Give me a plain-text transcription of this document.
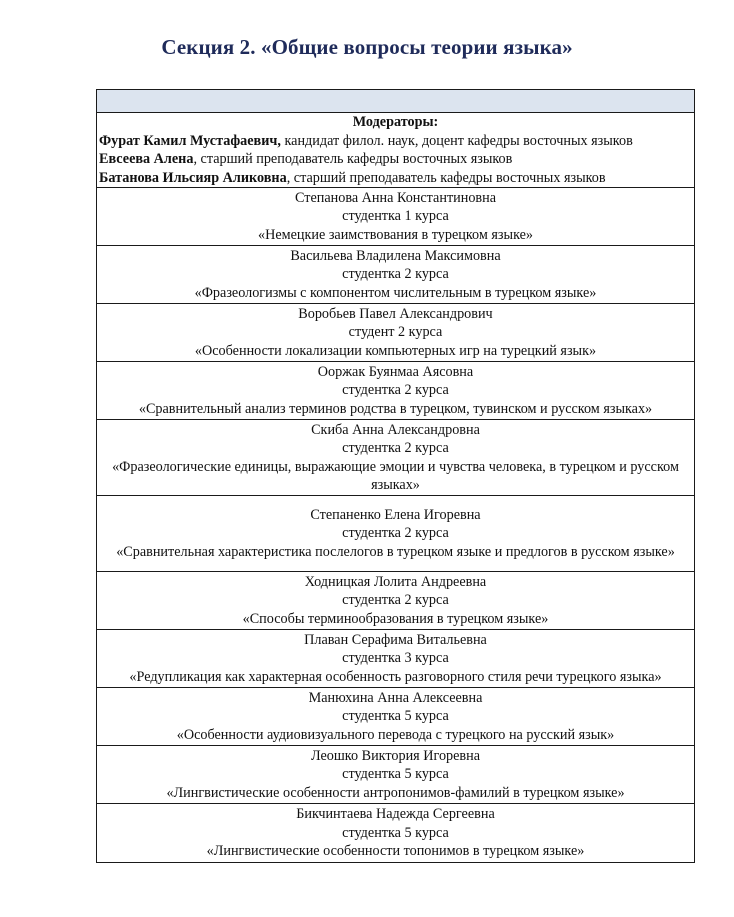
Секция 2. «Общие вопросы теории языка»
Модераторы:
Фурат Камил Мустафаевич, кандидат филол. наук, доцент кафедры восточных языков
Евсеева Алена, старший преподаватель кафедры восточных языков
Батанова Ильсияр Аликовна, старший преподаватель кафедры восточных языков
Степанова Анна Константиновна
студентка 1 курса
«Немецкие заимствования в турецком языке»
Васильева Владилена Максимовна
студентка 2 курса
«Фразеологизмы с компонентом числительным в турецком языке»
Воробьев Павел Александрович
студент 2 курса
«Особенности локализации компьютерных игр на турецкий язык»
Ооржак Буянмаа Аясовна
студентка 2 курса
«Сравнительный анализ терминов родства в турецком, тувинском и русском языках»
Скиба Анна Александровна
студентка 2 курса
«Фразеологические единицы, выражающие эмоции и чувства человека, в турецком и русском языках»
Степаненко Елена Игоревна
студентка 2 курса
«Сравнительная характеристика послелогов в турецком языке и предлогов в русском языке»
Ходницкая Лолита Андреевна
студентка 2 курса
«Способы терминообразования в турецком языке»
Плаван Серафима Витальевна
студентка 3 курса
«Редупликация как характерная особенность разговорного стиля речи турецкого языка»
Манюхина Анна Алексеевна
студентка 5 курса
«Особенности аудиовизуального перевода с турецкого на русский язык»
Леошко Виктория Игоревна
студентка 5 курса
«Лингвистические особенности антропонимов-фамилий в турецком языке»
Бикчинтаева Надежда Сергеевна
студентка 5 курса
«Лингвистические особенности топонимов в турецком языке»
